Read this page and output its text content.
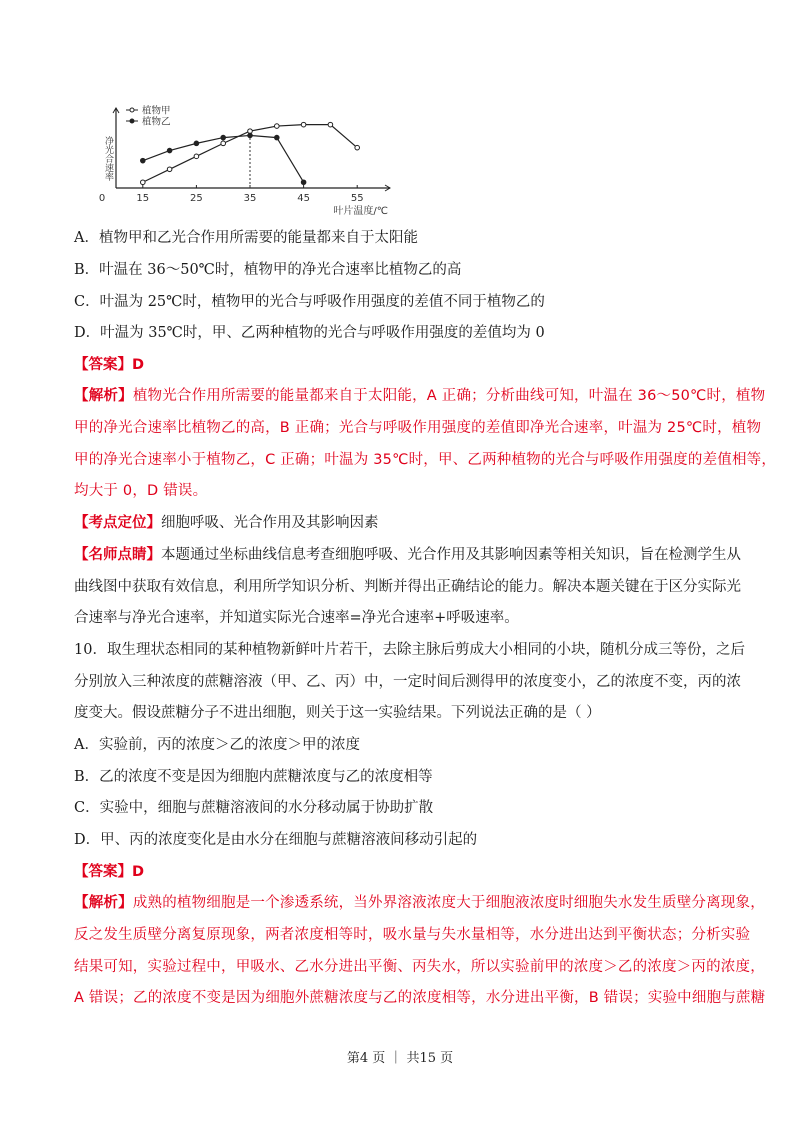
0	15	25	35	45	55
叶片温度/℃
净光合速率
植物甲
植物乙
A．植物甲和乙光合作用所需要的能量都来自于太阳能
B．叶温在 36～50℃时，植物甲的净光合速率比植物乙的高
C．叶温为 25℃时，植物甲的光合与呼吸作用强度的差值不同于植物乙的
D．叶温为 35℃时，甲、乙两种植物的光合与呼吸作用强度的差值均为 0
【答案】D
【解析】植物光合作用所需要的能量都来自于太阳能，A 正确；分析曲线可知，叶温在 36～50℃时，植物
甲的净光合速率比植物乙的高，B 正确；光合与呼吸作用强度的差值即净光合速率，叶温为 25℃时，植物
甲的净光合速率小于植物乙，C 正确；叶温为 35℃时，甲、乙两种植物的光合与呼吸作用强度的差值相等，
均大于 0，D 错误。
【考点定位】细胞呼吸、光合作用及其影响因素
【名师点睛】本题通过坐标曲线信息考查细胞呼吸、光合作用及其影响因素等相关知识，旨在检测学生从
曲线图中获取有效信息，利用所学知识分析、判断并得出正确结论的能力。解决本题关键在于区分实际光
合速率与净光合速率，并知道实际光合速率=净光合速率+呼吸速率。
10．取生理状态相同的某种植物新鲜叶片若干，去除主脉后剪成大小相同的小块，随机分成三等份，之后
分别放入三种浓度的蔗糖溶液（甲、乙、丙）中，一定时间后测得甲的浓度变小，乙的浓度不变，丙的浓
度变大。假设蔗糖分子不进出细胞，则关于这一实验结果。下列说法正确的是（ ）
A．实验前，丙的浓度＞乙的浓度＞甲的浓度
B．乙的浓度不变是因为细胞内蔗糖浓度与乙的浓度相等
C．实验中，细胞与蔗糖溶液间的水分移动属于协助扩散
D．甲、丙的浓度变化是由水分在细胞与蔗糖溶液间移动引起的
【答案】D
【解析】成熟的植物细胞是一个渗透系统，当外界溶液浓度大于细胞液浓度时细胞失水发生质壁分离现象，
反之发生质壁分离复原现象，两者浓度相等时，吸水量与失水量相等，水分进出达到平衡状态；分析实验
结果可知，实验过程中，甲吸水、乙水分进出平衡、丙失水，所以实验前甲的浓度＞乙的浓度＞丙的浓度，
A 错误；乙的浓度不变是因为细胞外蔗糖浓度与乙的浓度相等，水分进出平衡，B 错误；实验中细胞与蔗糖
第4 页 ｜ 共15 页
